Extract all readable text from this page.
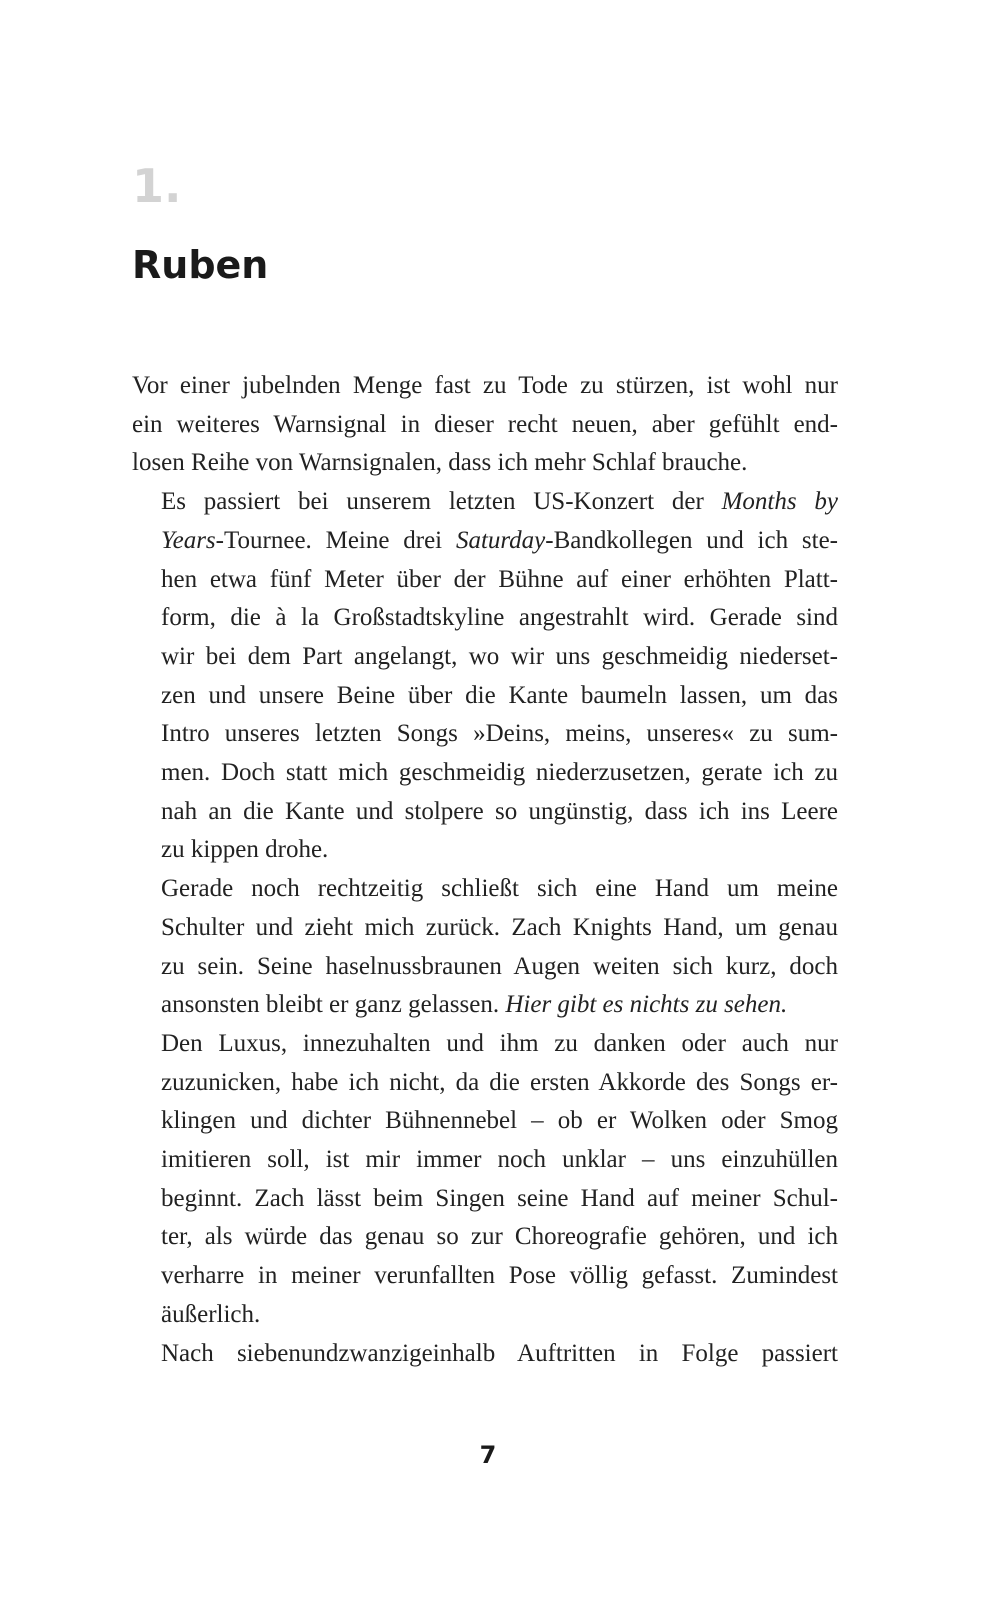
1.
Ruben

Vor einer jubelnden Menge fast zu Tode zu stürzen, ist wohl nur
ein weiteres Warnsignal in dieser recht neuen, aber gefühlt end-
losen Reihe von Warnsignalen, dass ich mehr Schlaf brauche.

Es passiert bei unserem letzten US-Konzert der Months by
Years-Tournee. Meine drei Saturday-Bandkollegen und ich ste-
hen etwa fünf Meter über der Bühne auf einer erhöhten Platt-
form, die à la Großstadtskyline angestrahlt wird. Gerade sind
wir bei dem Part angelangt, wo wir uns geschmeidig niederset-
zen und unsere Beine über die Kante baumeln lassen, um das
Intro unseres letzten Songs »Deins, meins, unseres« zu sum-
men. Doch statt mich geschmeidig niederzusetzen, gerate ich zu
nah an die Kante und stolpere so ungünstig, dass ich ins Leere
zu kippen drohe.

Gerade noch rechtzeitig schließt sich eine Hand um meine
Schulter und zieht mich zurück. Zach Knights Hand, um genau
zu sein. Seine haselnussbraunen Augen weiten sich kurz, doch
ansonsten bleibt er ganz gelassen. Hier gibt es nichts zu sehen.

Den Luxus, innezuhalten und ihm zu danken oder auch nur
zuzunicken, habe ich nicht, da die ersten Akkorde des Songs er-
klingen und dichter Bühnennebel – ob er Wolken oder Smog
imitieren soll, ist mir immer noch unklar – uns einzuhüllen
beginnt. Zach lässt beim Singen seine Hand auf meiner Schul-
ter, als würde das genau so zur Choreografie gehören, und ich
verharre in meiner verunfallten Pose völlig gefasst. Zumindest
äußerlich.

Nach siebenundzwanzigeinhalb Auftritten in Folge passiert

7
